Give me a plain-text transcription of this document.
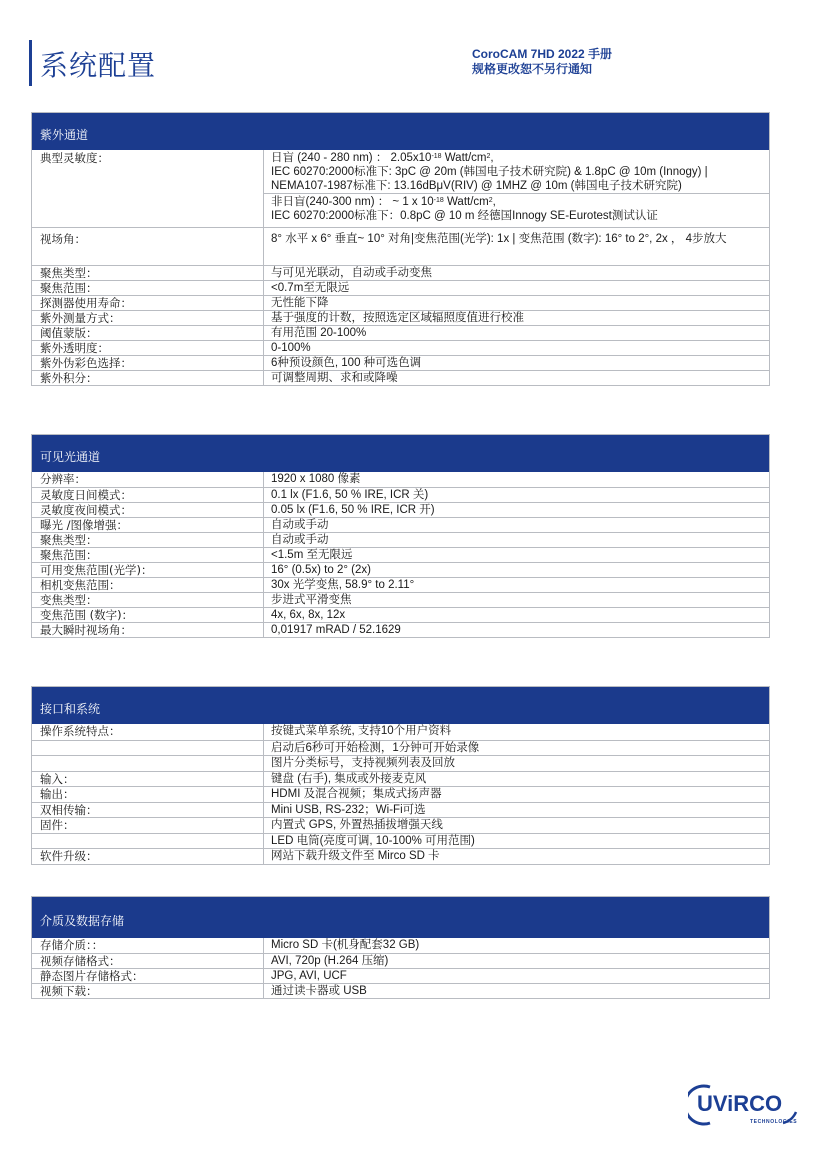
系统配置	CoroCAM 7HD 2022 手册
规格更改恕不另行通知
紫外通道
典型灵敏度：	日盲 (240 - 280 nm) ： $2.05x10^{-18}$ Watt/$cm^2$,
IEC 60270:2000标准下: 3pC @ 20m (韩国电子技术研究院) & 1.8pC @ 10m (Innogy) |
NEMA107-1987标准下: 13.16dBμV(RIV) @ 1MHZ @ 10m (韩国电子技术研究院)
非日盲(240-300 nm) ： ~ 1 x $10^{-18}$ Watt/$cm^2$,
IEC 60270:2000标准下：0.8pC @ 10 m 经德国Innogy SE-Eurotest测试认证
视场角：	8° 水平 x 6° 垂直~ 10° 对角|变焦范围(光学): 1x | 变焦范围 (数字): 16° to 2°, 2x ， 4步放大
聚焦类型：	与可见光联动，自动或手动变焦
聚焦范围：	<0.7m至无限远
探测器使用寿命：	无性能下降
紫外测量方式：	基于强度的计数，按照选定区域辐照度值进行校准
阈值蒙版：	有用范围 20-100%
紫外透明度：	0-100%
紫外伪彩色选择：	6种预设颜色, 100 种可选色调
紫外积分：	可调整周期、求和或降噪
可见光通道
分辨率：	1920 x 1080 像素
灵敏度日间模式：	0.1 lx (F1.6, 50 % IRE, ICR 关)
灵敏度夜间模式：	0.05 lx (F1.6, 50 % IRE, ICR 开)
曝光 /图像增强：	自动或手动
聚焦类型：	自动或手动
聚焦范围：	<1.5m 至无限远
可用变焦范围(光学)：	16° (0.5x) to 2° (2x)
相机变焦范围：	30x 光学变焦, 58.9° to 2.11°
变焦类型：	步进式平滑变焦
变焦范围 (数字)：	4x, 6x, 8x, 12x
最大瞬时视场角：	0,01917 mRAD / 52.1629
接口和系统
操作系统特点：	按键式菜单系统, 支持10个用户资料
启动后6秒可开始检测，1分钟可开始录像
图片分类标号，支持视频列表及回放
输入：	键盘 (右手), 集成或外接麦克风
输出：	HDMI 及混合视频；集成式扬声器
双相传输：	Mini USB, RS-232；Wi-Fi可选
固件：	内置式 GPS, 外置热插拔增强天线
LED 电筒(亮度可调, 10-100% 可用范围)
软件升级：	网站下载升级文件至 Mirco SD 卡
介质及数据存储
存储介质：：	Micro SD 卡(机身配套32 GB)
视频存储格式：	AVI, 720p (H.264 压缩)
静态图片存储格式：	JPG, AVI, UCF
视频下载：	通过读卡器或 USB
UViRCO
TECHNOLOGIES
